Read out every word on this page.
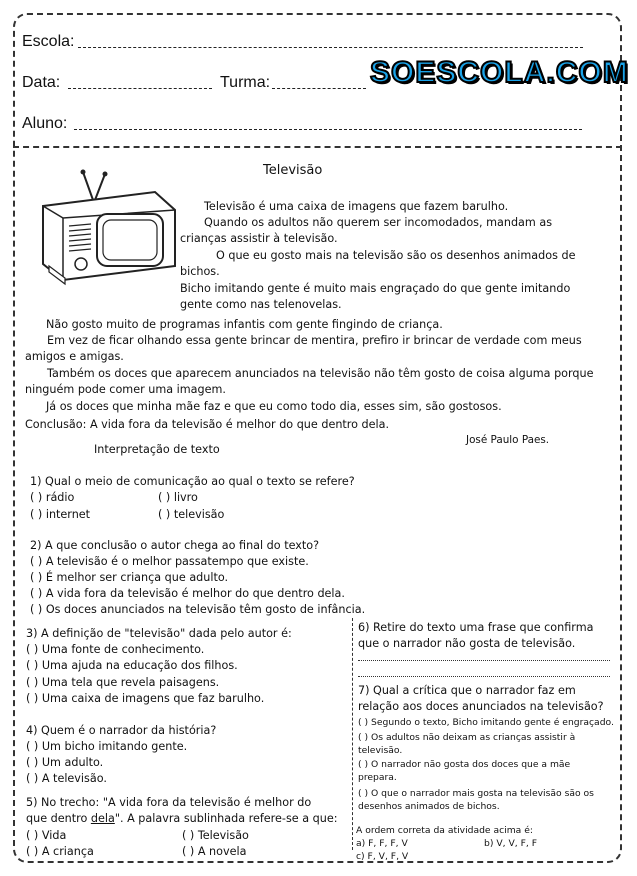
Escola:
Data:	Turma:	SOESCOLA.COM
Aluno:
Televisão

Televisão é uma caixa de imagens que fazem barulho.

Quando os adultos não querem ser incomodados, mandam as crianças assistir à televisão.

O que eu gosto mais na televisão são os desenhos animados de bichos.

Bicho imitando gente é muito mais engraçado do que gente imitando gente como nas telenovelas.

Não gosto muito de programas infantis com gente fingindo de criança.

Em vez de ficar olhando essa gente brincar de mentira, prefiro ir brincar de verdade com meus amigos e amigas.

Também os doces que aparecem anunciados na televisão não têm gosto de coisa alguma porque ninguém pode comer uma imagem.

Já os doces que minha mãe faz e que eu como todo dia, esses sim, são gostosos.

Conclusão: A vida fora da televisão é melhor do que dentro dela.

José Paulo Paes.

Interpretação de texto

1) Qual o meio de comunicação ao qual o texto se refere?
( ) rádio	( ) livro
( ) internet	( ) televisão
2) A que conclusão o autor chega ao final do texto?
( ) A televisão é o melhor passatempo que existe.
( ) É melhor ser criança que adulto.
( ) A vida fora da televisão é melhor do que dentro dela.
( ) Os doces anunciados na televisão têm gosto de infância.
3) A definição de "televisão" dada pelo autor é:
( ) Uma fonte de conhecimento.
( ) Uma ajuda na educação dos filhos.
( ) Uma tela que revela paisagens.
( ) Uma caixa de imagens que faz barulho.
4) Quem é o narrador da história?
( ) Um bicho imitando gente.
( ) Um adulto.
( ) A televisão.
5) No trecho: "A vida fora da televisão é melhor do
que dentro dela". A palavra sublinhada refere-se a que:
( ) Vida	( ) Televisão
( ) A criança	( ) A novela
6) Retire do texto uma frase que confirma
que o narrador não gosta de televisão.
7) Qual a crítica que o narrador faz em
relação aos doces anunciados na televisão?
( ) Segundo o texto, Bicho imitando gente é engraçado.
( ) Os adultos não deixam as crianças assistir à
televisão.
( ) O narrador não gosta dos doces que a mãe
prepara.
( ) O que o narrador mais gosta na televisão são os
desenhos animados de bichos.
A ordem correta da atividade acima é:
a) F, F, F, V	b) V, V, F, F
c) F, V, F, V
